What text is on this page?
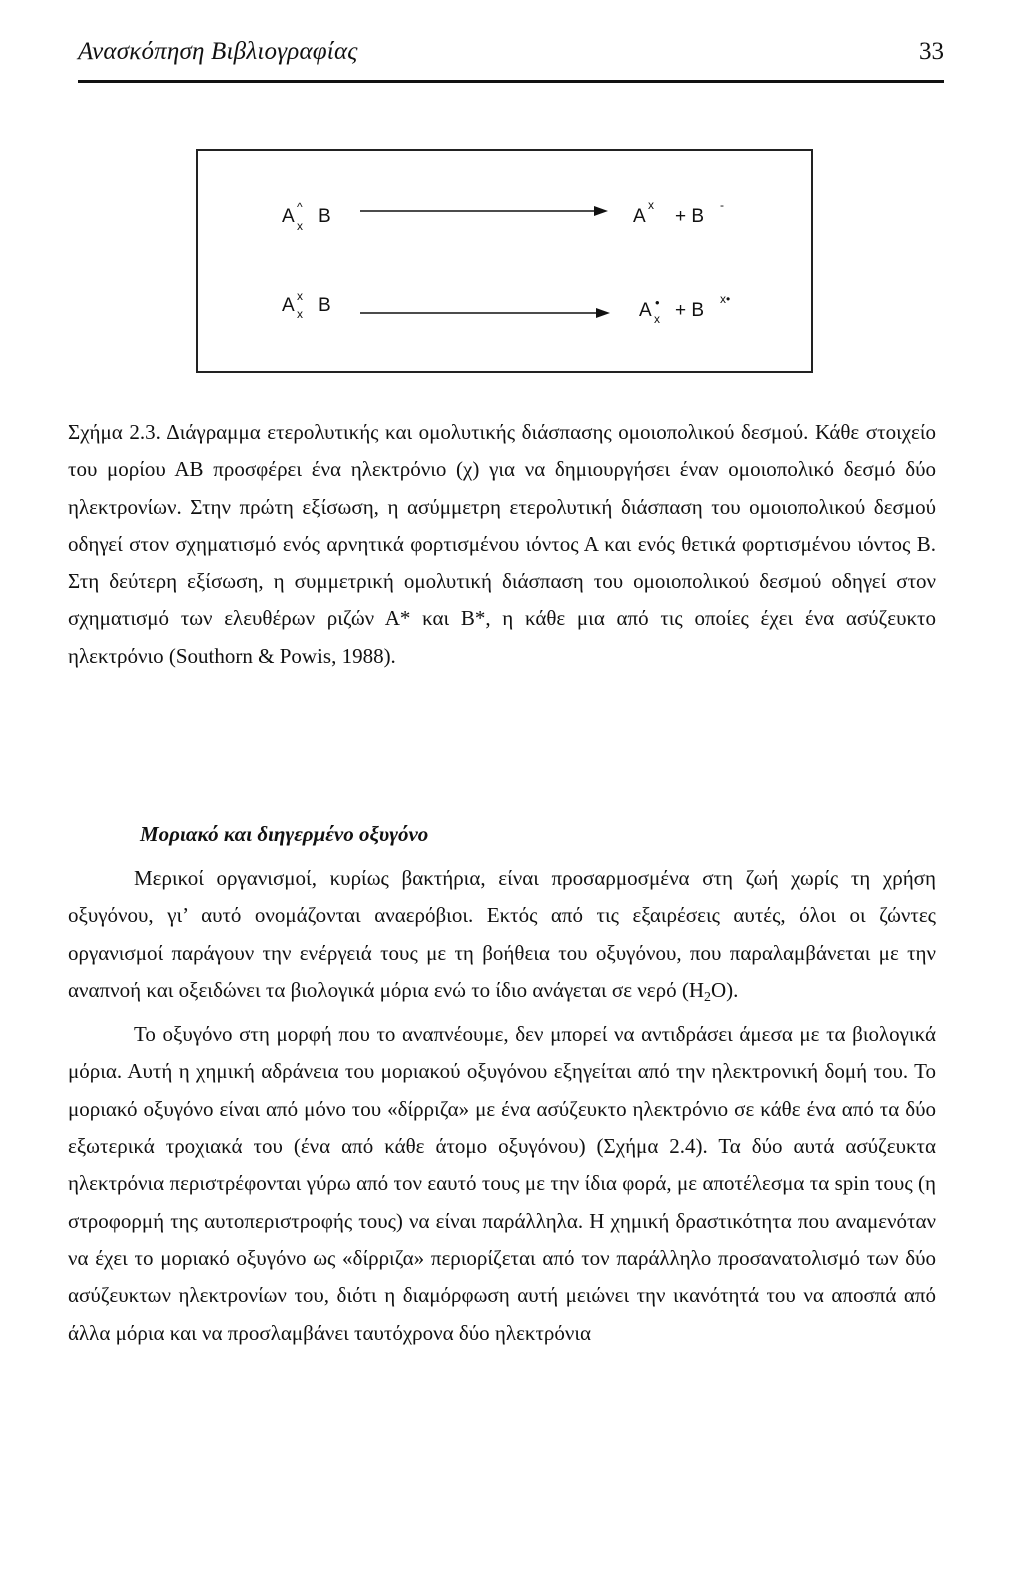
Ανασκόπηση Βιβλιογραφίας	33
A ^
x B	A
x
+ B
-
A x
x B	A x
• + B
x•

Σχήμα 2.3. Διάγραμμα ετερολυτικής και ομολυτικής διάσπασης ομοιοπολικού δεσμού. Κάθε στοιχείο του μορίου ΑΒ προσφέρει ένα ηλεκτρόνιο (χ) για να δημιουργήσει έναν ομοιοπολικό δεσμό δύο ηλεκτρονίων. Στην πρώτη εξίσωση, η ασύμμετρη ετερολυτική διάσπαση του ομοιοπολικού δεσμού οδηγεί στον σχηματισμό ενός αρνητικά φορτισμένου ιόντος Α και ενός θετικά φορτισμένου ιόντος Β. Στη δεύτερη εξίσωση, η συμμετρική ομολυτική διάσπαση του ομοιοπολικού δεσμού οδηγεί στον σχηματισμό των ελευθέρων ριζών Α* και Β*, η κάθε μια από τις οποίες έχει ένα ασύζευκτο ηλεκτρόνιο (Southorn & Powis, 1988).

Μοριακό και διηγερμένο οξυγόνο

Μερικοί οργανισμοί, κυρίως βακτήρια, είναι προσαρμοσμένα στη ζωή χωρίς τη χρήση οξυγόνου, γι’ αυτό ονομάζονται αναερόβιοι. Εκτός από τις εξαιρέσεις αυτές, όλοι οι ζώντες οργανισμοί παράγουν την ενέργειά τους με τη βοήθεια του οξυγόνου, που παραλαμβάνεται με την αναπνοή και οξειδώνει τα βιολογικά μόρια ενώ το ίδιο ανάγεται σε νερό $(H_2O)$.

Το οξυγόνο στη μορφή που το αναπνέουμε, δεν μπορεί να αντιδράσει άμεσα με τα βιολογικά μόρια. Αυτή η χημική αδράνεια του μοριακού οξυγόνου εξηγείται από την ηλεκτρονική δομή του. Το μοριακό οξυγόνο είναι από μόνο του «δίρριζα» με ένα ασύζευκτο ηλεκτρόνιο σε κάθε ένα από τα δύο εξωτερικά τροχιακά του (ένα από κάθε άτομο οξυγόνου) (Σχήμα 2.4). Τα δύο αυτά ασύζευκτα ηλεκτρόνια περιστρέφονται γύρω από τον εαυτό τους με την ίδια φορά, με αποτέλεσμα τα spin τους (η στροφορμή της αυτοπεριστροφής τους) να είναι παράλληλα. Η χημική δραστικότητα που αναμενόταν να έχει το μοριακό οξυγόνο ως «δίρριζα» περιορίζεται από τον παράλληλο προσανατολισμό των δύο ασύζευκτων ηλεκτρονίων του, διότι η διαμόρφωση αυτή μειώνει την ικανότητά του να αποσπά από άλλα μόρια και να προσλαμβάνει ταυτόχρονα δύο ηλεκτρόνια
